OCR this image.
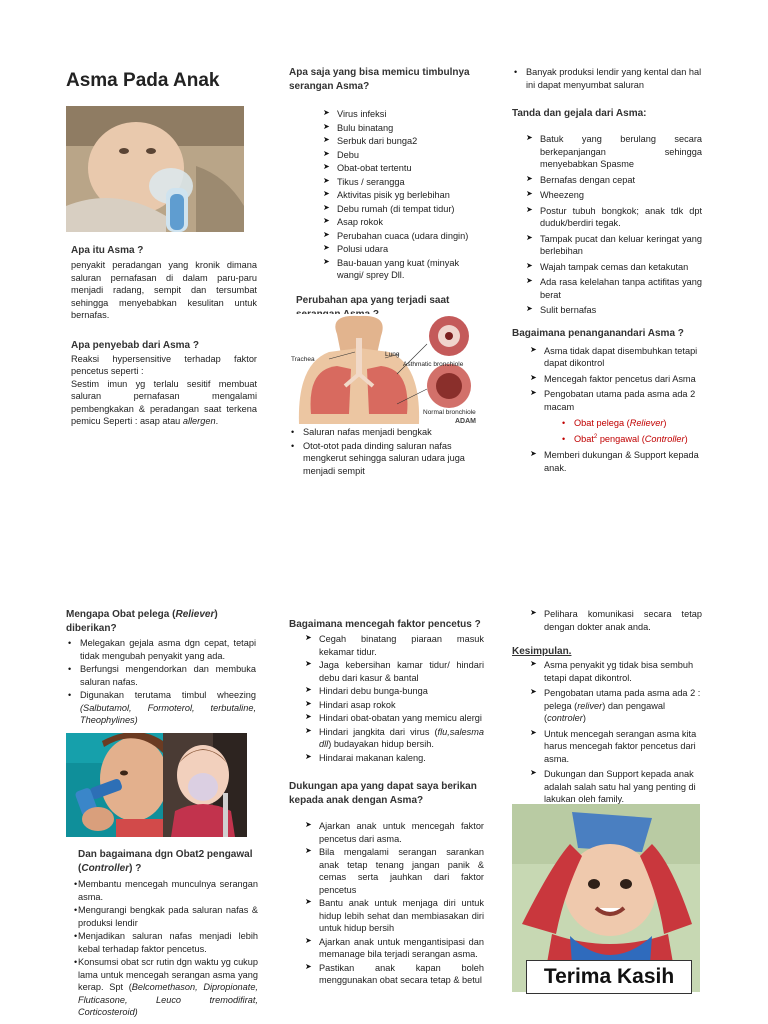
Asma Pada Anak
Apa itu Asma ?

penyakit peradangan yang kronik dimana saluran pernafasan di dalam paru-paru menjadi radang, sempit dan tersumbat sehingga menyebabkan kesulitan untuk bernafas.

Apa penyebab dari Asma ?

Reaksi hypersensitive terhadap faktor pencetus seperti :

Sestim imun yg terlalu sesitif membuat saluran pernafasan mengalami pembengkakan & peradangan saat terkena pemicu Seperti : asap atau allergen.

Apa saja yang bisa memicu timbulnya serangan Asma?
➤ Virus infeksi
➤ Bulu binatang
➤ Serbuk dari bunga2
➤ Debu
➤ Obat-obat tertentu
➤ Tikus / serangga
➤ Aktivitas pisik yg berlebihan
➤ Debu rumah (di tempat tidur)
➤ Asap rokok
➤ Perubahan cuaca (udara dingin)
➤ Polusi udara
➤ Bau-bauan yang kuat (minyak wangi/ sprey Dll.
Perubahan apa yang terjadi saat
Trachea
Lung
Asthmatic bronchiole
Normal bronchiole
ADAM
• Saluran nafas menjadi bengkak
• Otot-otot pada dinding saluran nafas mengkerut sehingga saluran udara juga menjadi sempit
• Banyak produksi lendir yang kental dan hal ini dapat menyumbat saluran
Tanda dan gejala dari Asma:
➤ Batuk yang berulang secara berkepanjangan sehingga menyebabkan Spasme
➤ Bernafas dengan cepat
➤ Wheezeng
➤ Postur tubuh bongkok; anak tdk dpt duduk/berdiri tegak.
➤ Tampak pucat dan keluar keringat yang berlebihan
➤ Wajah tampak cemas dan ketakutan
➤ Ada rasa kelelahan tanpa actifitas yang berat
➤ Sulit bernafas
Bagaimana penanganandari Asma ?
➤ Asma tidak dapat disembuhkan tetapi dapat dikontrol
➤ Mencegah faktor pencetus dari Asma
➤ Pengobatan utama pada asma ada 2 macam
• Obat pelega (Reliever)
• Obat$^2$ pengawal (Controller)
➤ Memberi dukungan & Support kepada anak.
Mengapa Obat pelega (Reliever) diberikan?
• Melegakan gejala asma dgn cepat, tetapi tidak mengubah penyakit yang ada.
• Berfungsi mengendorkan dan membuka saluran nafas.
• Digunakan terutama timbul wheezing (Salbutamol, Formoterol, terbutaline, Theophylines)
Dan bagaimana dgn Obat2 pengawal (Controller) ?
• Membantu mencegah munculnya serangan asma.
• Mengurangi bengkak pada saluran nafas & produksi lendir
• Menjadikan saluran nafas menjadi lebih kebal terhadap faktor pencetus.
• Konsumsi obat scr rutin dgn waktu yg cukup lama untuk mencegah serangan asma yang kerap. Spt (Belcomethason, Dipropionate, Fluticasone, Leuco tremodifirat, Corticosteroid)
Bagaimana mencegah faktor pencetus ?
➤ Cegah binatang piaraan masuk kekamar tidur.
➤ Jaga kebersihan kamar tidur/ hindari debu dari kasur & bantal
➤ Hindari debu bunga-bunga
➤ Hindari asap rokok
➤ Hindari obat-obatan yang memicu alergi
➤ Hindari jangkita dari virus (flu,salesma dll) budayakan hidup bersih.
➤ Hindarai makanan kaleng.
Dukungan apa yang dapat saya berikan kepada anak dengan Asma?
➤ Ajarkan anak untuk mencegah faktor pencetus dari asma.
➤ Bila mengalami serangan sarankan anak tetap tenang jangan panik & cemas serta jauhkan dari faktor pencetus
➤ Bantu anak untuk menjaga diri untuk hidup lebih sehat dan membiasakan diri untuk hidup bersih
➤ Ajarkan anak untuk mengantisipasi dan memanage bila terjadi serangan asma.
➤ Pastikan anak kapan boleh menggunakan obat secara tetap & betul
➤ Pelihara komunikasi secara tetap dengan dokter anak anda.
Kesimpulan.
➤ Asma penyakit yg tidak bisa sembuh tetapi dapat dikontrol.
➤ Pengobatan utama pada asma ada 2 : pelega (reliver) dan pengawal (controler)
➤ Untuk mencegah serangan asma kita harus mencegah faktor pencetus dari asma.
➤ Dukungan dan Support kepada anak adalah salah satu hal yang penting di lakukan oleh family.
Terima Kasih
